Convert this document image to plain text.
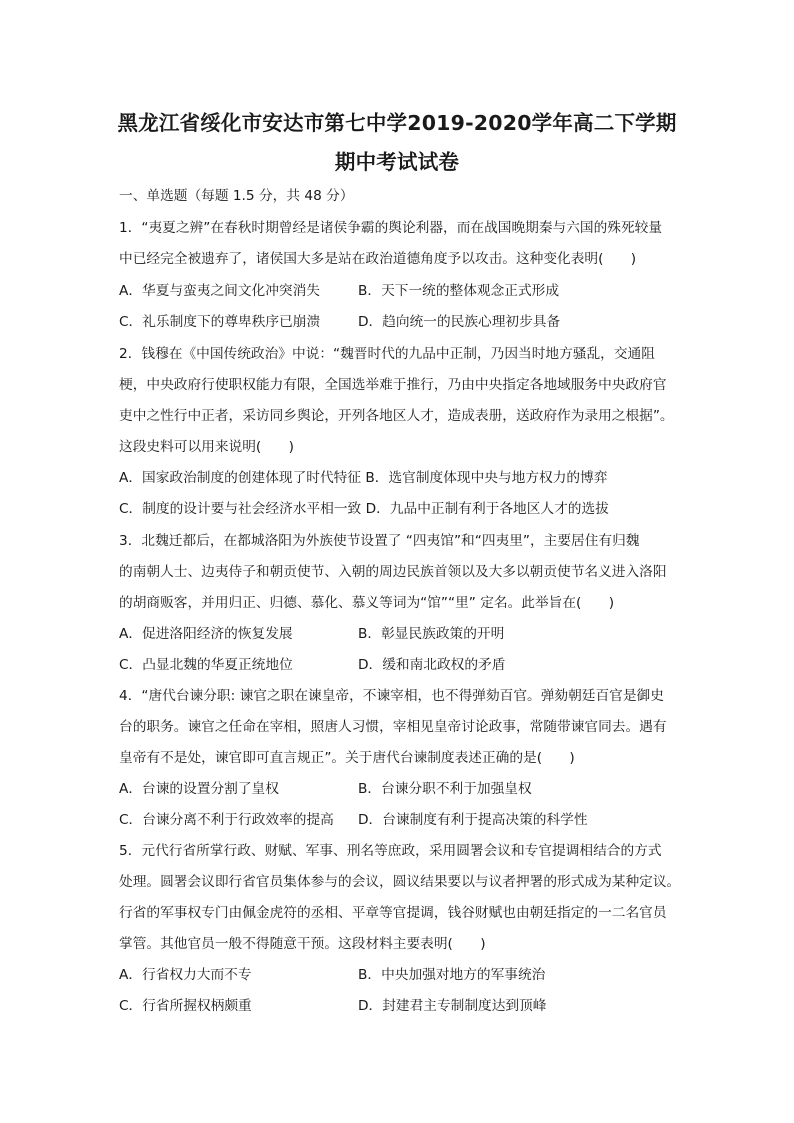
黑龙江省绥化市安达市第七中学2019-2020学年高二下学期
期中考试试卷
一、单选题（每题 1.5 分，共 48 分）
1．“夷夏之辨”在春秋时期曾经是诸侯争霸的舆论利器，而在战国晚期秦与六国的殊死较量
中已经完全被遗弃了，诸侯国大多是站在政治道德角度予以攻击。这种变化表明(　　)
A．华夏与蛮夷之间文化冲突消失	B．天下一统的整体观念正式形成
C．礼乐制度下的尊卑秩序已崩溃	D．趋向统一的民族心理初步具备
2．钱穆在《中国传统政治》中说：“魏晋时代的九品中正制，乃因当时地方骚乱，交通阻
梗，中央政府行使职权能力有限，全国选举难于推行，乃由中央指定各地域服务中央政府官
吏中之性行中正者，采访同乡舆论，开列各地区人才，造成表册，送政府作为录用之根据”。
这段史料可以用来说明(　　)
A．国家政治制度的创建体现了时代特征 B．选官制度体现中央与地方权力的博弈
C．制度的设计要与社会经济水平相一致 D．九品中正制有利于各地区人才的选拔
3．北魏迁都后，在都城洛阳为外族使节设置了 “四夷馆”和“四夷里”，主要居住有归魏
的南朝人士、边夷侍子和朝贡使节、入朝的周边民族首领以及大多以朝贡使节名义进入洛阳
的胡商贩客，并用归正、归德、慕化、慕义等词为“馆”“里” 定名。此举旨在(　　)
A．促进洛阳经济的恢复发展	B．彰显民族政策的开明
C．凸显北魏的华夏正统地位	D．缓和南北政权的矛盾
4．“唐代台谏分职: 谏官之职在谏皇帝，不谏宰相，也不得弹劾百官。弹劾朝廷百官是御史
台的职务。谏官之任命在宰相，照唐人习惯，宰相见皇帝讨论政事，常随带谏官同去。遇有
皇帝有不是处，谏官即可直言规正”。关于唐代台谏制度表述正确的是(　　)
A．台谏的设置分割了皇权	B．台谏分职不利于加强皇权
C．台谏分离不利于行政效率的提高 D．台谏制度有利于提高决策的科学性
5．元代行省所掌行政、财赋、军事、刑名等庶政，采用圆署会议和专官提调相结合的方式
处理。圆署会议即行省官员集体参与的会议，圆议结果要以与议者押署的形式成为某种定议。
行省的军事权专门由佩金虎符的丞相、平章等官提调，钱谷财赋也由朝廷指定的一二名官员
掌管。其他官员一般不得随意干预。这段材料主要表明(　　)
A．行省权力大而不专	B．中央加强对地方的军事统治
C．行省所握权柄颇重	D．封建君主专制制度达到顶峰
